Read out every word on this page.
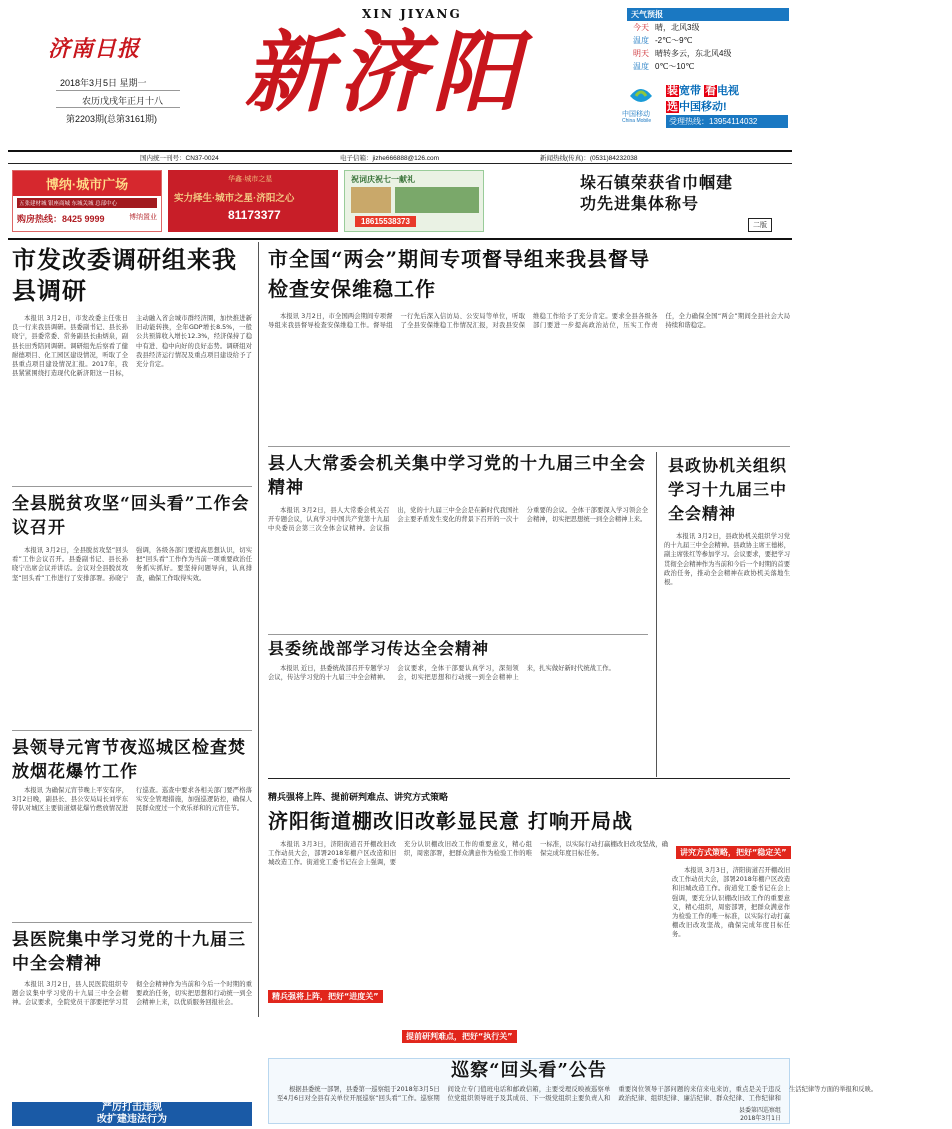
济南日报
2018年3月5日 星期一
农历戊戌年正月十八
第2203期(总第3161期)
XIN JIYANG
新济阳
天气预报
今天 晴，北风3级
温度 -2℃～9℃
明天 晴转多云，东北风4级
温度 0℃～10℃
中国移动
China Mobile
装宽带 看电视
选中国移动!
受理热线：13954114032
国内统一刊号：CN37-0024	电子信箱：jizhe666888@126.com	新闻热线(传真)：(0531)84232038
博纳·城市广场
五张建材城 银座商城 东城关城 总部中心
购房热线：8425 9999	博纳置业
华鑫·城市之星
实力择生·城市之星·济阳之心
81173377
祝词庆祝七一献礼
18615538373
垛石镇荣获省巾帼建功先进集体称号
二版
市发改委调研组来我县调研

本报讯 3月2日，市发改委主任张日良一行来我县调研。县委副书记、县长孙晓宁，县委常委、常务副县长曲炳泉，副县长田秀陪同调研。调研组先后察看了健耐德项目、化工园区建设情况，听取了全县重点项目建设情况汇报。2017年，我县紧紧围绕打造现代化新济阳这一目标，主动融入省会城市群经济圈，加快推进新旧动能转换，全年GDP增长8.5%，一般公共预算收入增长12.3%，经济保持了稳中有进、稳中向好的良好态势。调研组对我县经济运行情况及重点项目建设给予了充分肯定。

全县脱贫攻坚“回头看”工作会议召开

本报讯 3月2日，全县脱贫攻坚“回头看”工作会议召开。县委副书记、县长孙晓宁出席会议并讲话。会议对全县脱贫攻坚“回头看”工作进行了安排部署。孙晓宁强调，各级各部门要提高思想认识，切实把“回头看”工作作为当前一项重要政治任务抓实抓好。要坚持问题导向，认真排查，确保工作取得实效。

县领导元宵节夜巡城区检查焚放烟花爆竹工作

本报讯 为确保元宵节晚上平安有序，3月2日晚，副县长、县公安局局长刘学东带队对城区主要街道烟花爆竹燃放情况进行巡查。巡查中要求各相关部门要严格落实安全管理措施，加强巡逻防控，确保人民群众度过一个欢乐祥和的元宵佳节。

县医院集中学习党的十九届三中全会精神

本报讯 3月2日，县人民医院组织专题会议集中学习党的十九届三中全会精神。会议要求，全院党员干部要把学习贯彻全会精神作为当前和今后一个时期的重要政治任务，切实把思想和行动统一到全会精神上来，以优质服务回报社会。

市全国“两会”期间专项督导组来我县督导检查安保维稳工作

本报讯 3月2日，市全国两会期间专项督导组来我县督导检查安保维稳工作。督导组一行先后深入信访局、公安局等单位，听取了全县安保维稳工作情况汇报，对我县安保维稳工作给予了充分肯定。要求全县各级各部门要进一步提高政治站位，压实工作责任，全力确保全国“两会”期间全县社会大局持续和谐稳定。

县人大常委会机关集中学习党的十九届三中全会精神

本报讯 3月2日，县人大常委会机关召开专题会议，认真学习中国共产党第十九届中央委员会第三次全体会议精神。会议指出，党的十九届三中全会是在新时代我国社会主要矛盾发生变化的背景下召开的一次十分重要的会议。全体干部要深入学习领会全会精神，切实把思想统一到全会精神上来。

县政协机关组织学习十九届三中全会精神

本报讯 3月2日，县政协机关组织学习党的十九届三中全会精神。县政协主席王德彬，副主席张红等参加学习。会议要求，要把学习贯彻全会精神作为当前和今后一个时期的首要政治任务，推动全会精神在政协机关落地生根。

县委统战部学习传达全会精神

本报讯 近日，县委统战部召开专题学习会议，传达学习党的十九届三中全会精神。会议要求，全体干部要认真学习，深刻领会，切实把思想和行动统一到全会精神上来，扎实做好新时代统战工作。

精兵强将上阵、提前研判难点、讲究方式策略
济阳街道棚改旧改彰显民意 打响开局战

本报讯 3月3日，济阳街道召开棚改旧改工作动员大会，部署2018年棚户区改造和旧城改造工作。街道党工委书记在会上强调，要充分认识棚改旧改工作的重要意义，精心组织，周密部署，把群众满意作为检验工作的唯一标准，以实际行动打赢棚改旧改攻坚战，确保完成年度目标任务。

精兵强将上阵，把好“进度关”
提前研判难点，把好“执行关”
讲究方式策略，把好“稳定关”

本报讯 3月3日，济阳街道召开棚改旧改工作动员大会，部署2018年棚户区改造和旧城改造工作。街道党工委书记在会上强调，要充分认识棚改旧改工作的重要意义，精心组织，周密部署，把群众满意作为检验工作的唯一标准，以实际行动打赢棚改旧改攻坚战，确保完成年度目标任务。

巡察“回头看”公告

根据县委统一部署，县委第一巡察组于2018年3月5日至4月6日对全县有关单位开展巡察“回头看”工作。巡察期间设立专门值班电话和邮政信箱，主要受理反映被巡察单位党组织领导班子及其成员、下一级党组织主要负责人和重要岗位领导干部问题的来信来电来访，重点是关于违反政治纪律、组织纪律、廉洁纪律、群众纪律、工作纪律和生活纪律等方面的举报和反映。

县委第四巡察组
2018年3月1日
严厉打击违规
改扩建违法行为
